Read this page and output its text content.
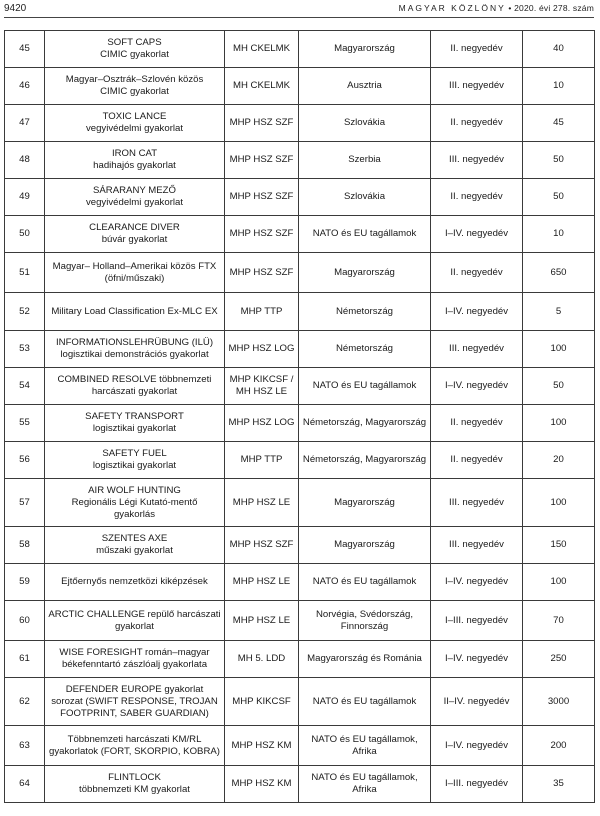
9420	MAGYAR KÖZLÖNY • 2020. évi 278. szám
45	SOFT CAPS
CIMIC gyakorlat	MH CKELMK	Magyarország	II. negyedév	40
46	Magyar–Osztrák–Szlovén közös
CIMIC gyakorlat	MH CKELMK	Ausztria	III. negyedév	10
47	TOXIC LANCE
vegyivédelmi gyakorlat	MHP HSZ SZF	Szlovákia	II. negyedév	45
48	IRON CAT
hadihajós gyakorlat	MHP HSZ SZF	Szerbia	III. negyedév	50
49	SÁRARANY MEZŐ
vegyivédelmi gyakorlat	MHP HSZ SZF	Szlovákia	II. negyedév	50
50	CLEARANCE DIVER
búvár gyakorlat	MHP HSZ SZF	NATO és EU tagállamok	I–IV. negyedév	10
51	Magyar– Holland–Amerikai közös FTX
(öfni/műszaki)	MHP HSZ SZF	Magyarország	II. negyedév	650
52	Military Load Classification Ex-MLC EX	MHP TTP	Németország	I–IV. negyedév	5
53	INFORMATIONSLEHRÜBUNG (ILÜ)
logisztikai demonstrációs gyakorlat	MHP HSZ LOG	Németország	III. negyedév	100
54	COMBINED RESOLVE többnemzeti
harcászati gyakorlat	MHP KIKCSF /
MH HSZ LE	NATO és EU tagállamok	I–IV. negyedév	50
55	SAFETY TRANSPORT
logisztikai gyakorlat	MHP HSZ LOG	Németország, Magyarország	II. negyedév	100
56	SAFETY FUEL
logisztikai gyakorlat	MHP TTP	Németország, Magyarország	II. negyedév	20
57	AIR WOLF HUNTING
Regionális Légi Kutató-mentő
gyakorlás	MHP HSZ LE	Magyarország	III. negyedév	100
58	SZENTES AXE
műszaki gyakorlat	MHP HSZ SZF	Magyarország	III. negyedév	150
59	Ejtőernyős nemzetközi kiképzések	MHP HSZ LE	NATO és EU tagállamok	I–IV. negyedév	100
60	ARCTIC CHALLENGE repülő harcászati
gyakorlat	MHP HSZ LE	Norvégia, Svédország,
Finnország	I–III. negyedév	70
61	WISE FORESIGHT román–magyar
békefenntartó zászlóalj gyakorlata	MH 5. LDD	Magyarország és Románia	I–IV. negyedév	250
62	DEFENDER EUROPE gyakorlat
sorozat (SWIFT RESPONSE, TROJAN
FOOTPRINT, SABER GUARDIAN)	MHP KIKCSF	NATO és EU tagállamok	II–IV. negyedév	3000
63	Többnemzeti harcászati KM/RL
gyakorlatok (FORT, SKORPIO, KOBRA)	MHP HSZ KM	NATO és EU tagállamok,
Afrika	I–IV. negyedév	200
64	FLINTLOCK
többnemzeti KM gyakorlat	MHP HSZ KM	NATO és EU tagállamok,
Afrika	I–III. negyedév	35
